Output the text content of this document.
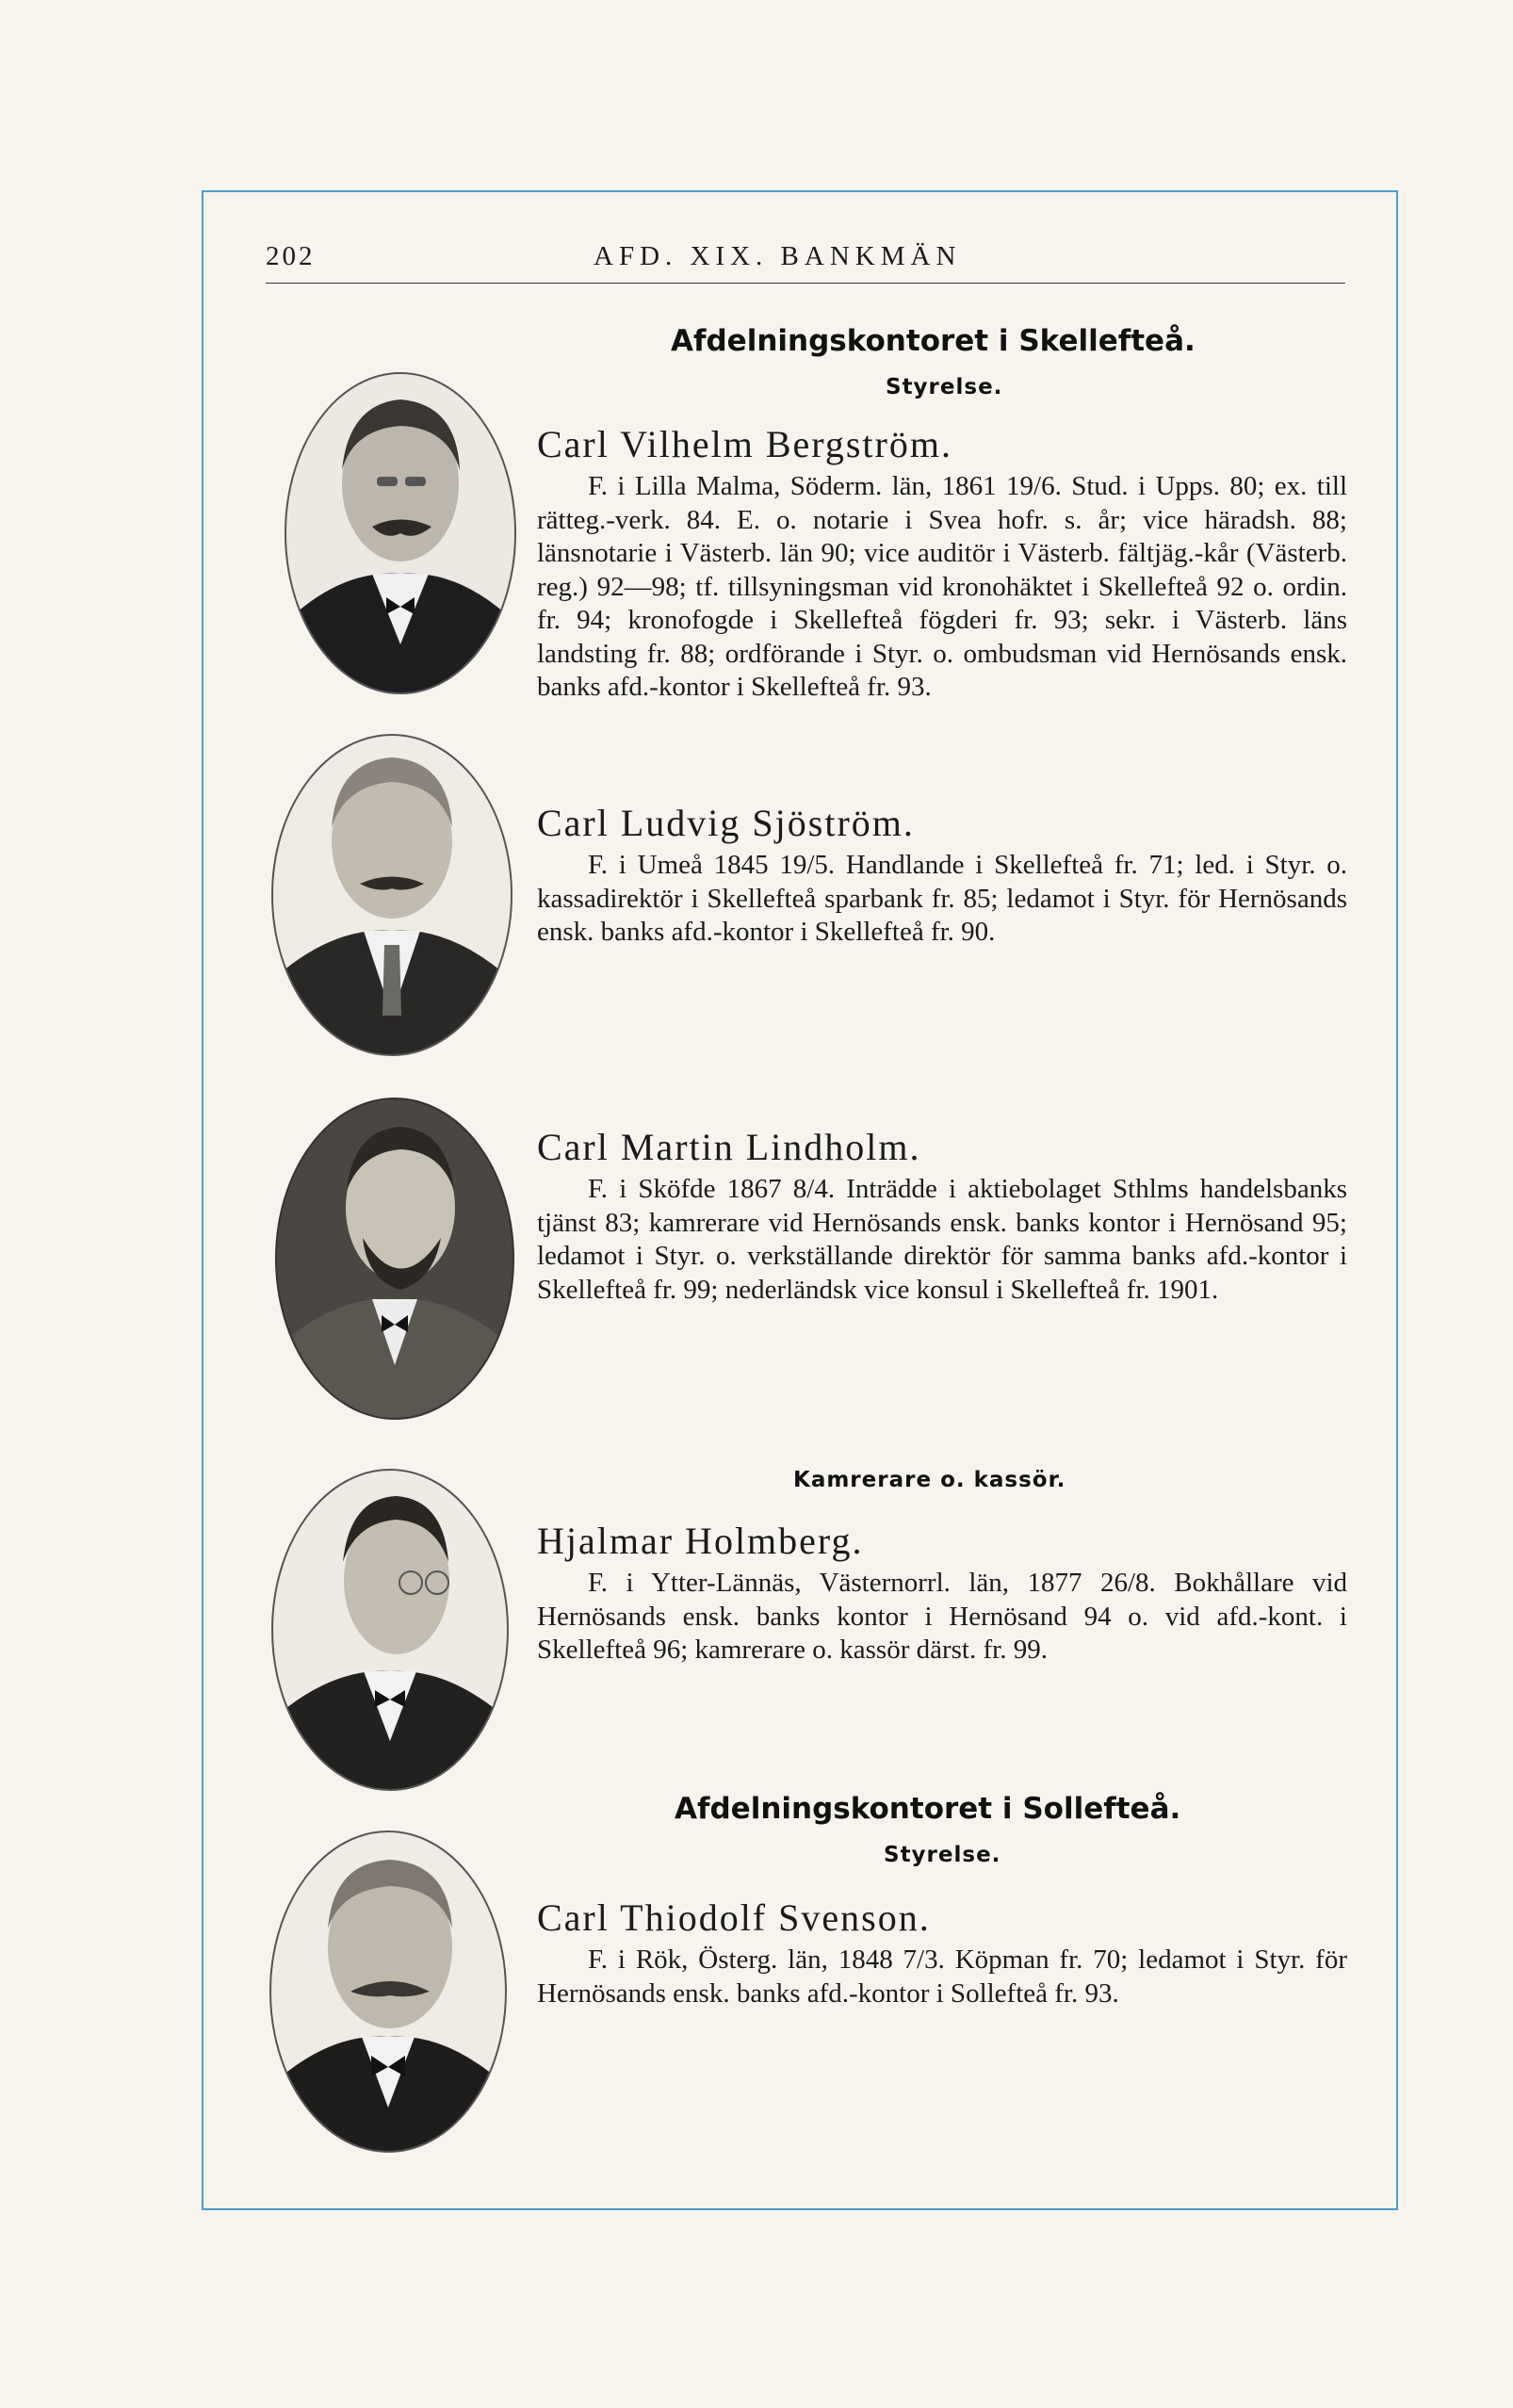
202	AFD. XIX. BANKMÄN
Afdelningskontoret i Skellefteå.
Styrelse.

Carl Vilhelm Bergström.

F. i Lilla Malma, Söderm. län, 1861 19/6. Stud. i Upps. 80; ex. till rätteg.-verk. 84. E. o. notarie i Svea hofr. s. år; vice häradsh. 88; länsnotarie i Västerb. län 90; vice auditör i Västerb. fältjäg.-kår (Västerb. reg.) 92—98; tf. tillsyningsman vid kronohäktet i Skellefteå 92 o. ordin. fr. 94; kronofogde i Skellefteå fögderi fr. 93; sekr. i Västerb. läns landsting fr. 88; ordförande i Styr. o. ombudsman vid Hernösands ensk. banks afd.-kontor i Skellefteå fr. 93.

Carl Ludvig Sjöström.

F. i Umeå 1845 19/5. Handlande i Skellefteå fr. 71; led. i Styr. o. kassadirektör i Skellefteå sparbank fr. 85; ledamot i Styr. för Hernösands ensk. banks afd.-kontor i Skellefteå fr. 90.

Carl Martin Lindholm.

F. i Sköfde 1867 8/4. Inträdde i aktiebolaget Sthlms handelsbanks tjänst 83; kamrerare vid Hernösands ensk. banks kontor i Hernösand 95; ledamot i Styr. o. verkställande direktör för samma banks afd.-kontor i Skellefteå fr. 99; nederländsk vice konsul i Skellefteå fr. 1901.

Kamrerare o. kassör.

Hjalmar Holmberg.

F. i Ytter-Lännäs, Västernorrl. län, 1877 26/8. Bokhållare vid Hernösands ensk. banks kontor i Hernösand 94 o. vid afd.-kont. i Skellefteå 96; kamrerare o. kassör därst. fr. 99.

Afdelningskontoret i Sollefteå.
Styrelse.

Carl Thiodolf Svenson.

F. i Rök, Österg. län, 1848 7/3. Köpman fr. 70; ledamot i Styr. för Hernösands ensk. banks afd.-kontor i Sollefteå fr. 93.
